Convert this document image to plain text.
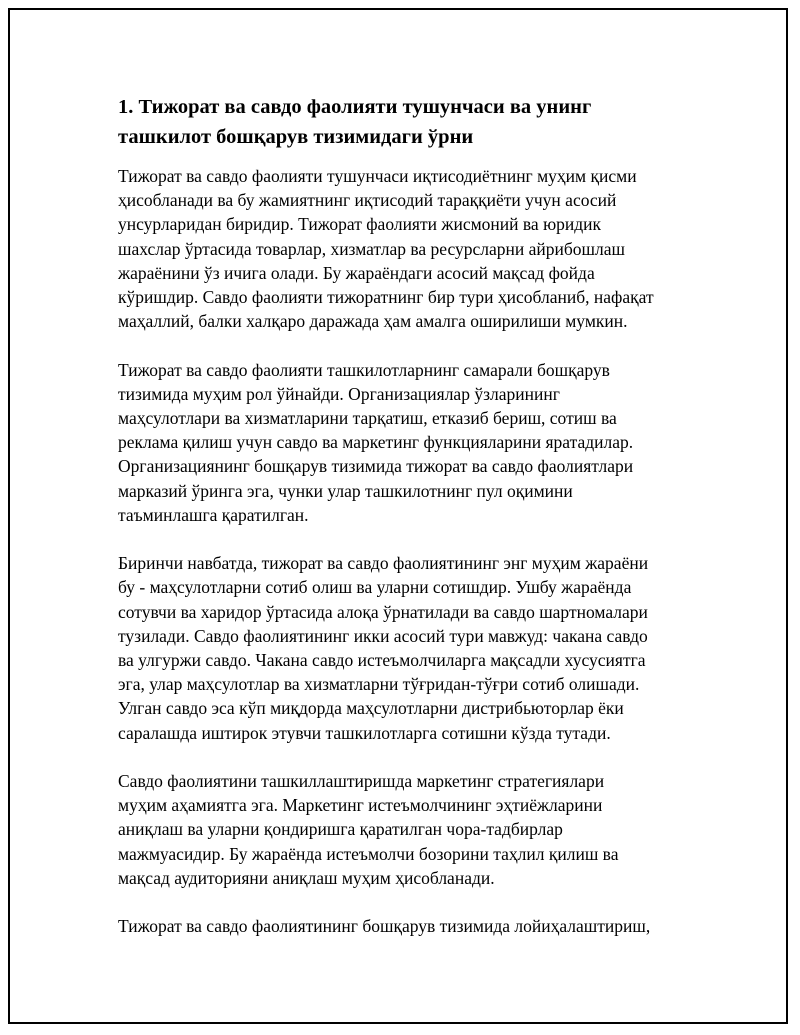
1. Тижорат ва савдо фаолияти тушунчаси ва унинг
ташкилот бошқарув тизимидаги ўрни

Тижорат ва савдо фаолияти тушунчаси иқтисодиётнинг муҳим қисми
ҳисобланади ва бу жамиятнинг иқтисодий тараққиёти учун асосий
унсурларидан биридир. Тижорат фаолияти жисмоний ва юридик
шахслар ўртасида товарлар, хизматлар ва ресурсларни айрибошлаш
жараёнини ўз ичига олади. Бу жараёндаги асосий мақсад фойда
кўришдир. Савдо фаолияти тижоратнинг бир тури ҳисобланиб, нафақат
маҳаллий, балки халқаро даражада ҳам амалга оширилиши мумкин.

Тижорат ва савдо фаолияти ташкилотларнинг самарали бошқарув
тизимида муҳим рол ўйнайди. Организациялар ўзларининг
маҳсулотлари ва хизматларини тарқатиш, етказиб бериш, сотиш ва
реклама қилиш учун савдо ва маркетинг функцияларини яратадилар.
Организациянинг бошқарув тизимида тижорат ва савдо фаолиятлари
марказий ўринга эга, чунки улар ташкилотнинг пул оқимини
таъминлашга қаратилган.

Биринчи навбатда, тижорат ва савдо фаолиятининг энг муҳим жараёни
бу - маҳсулотларни сотиб олиш ва уларни сотишдир. Ушбу жараёнда
сотувчи ва харидор ўртасида алоқа ўрнатилади ва савдо шартномалари
тузилади. Савдо фаолиятининг икки асосий тури мавжуд: чакана савдо
ва улгуржи савдо. Чакана савдо истеъмолчиларга мақсадли хусусиятга
эга, улар маҳсулотлар ва хизматларни тўғридан-тўғри сотиб олишади.
Улган савдо эса кўп миқдорда маҳсулотларни дистрибьюторлар ёки
саралашда иштирок этувчи ташкилотларга сотишни кўзда тутади.

Савдо фаолиятини ташкиллаштиришда маркетинг стратегиялари
муҳим аҳамиятга эга. Маркетинг истеъмолчининг эҳтиёжларини
аниқлаш ва уларни қондиришга қаратилган чора-тадбирлар
мажмуасидир. Бу жараёнда истеъмолчи бозорини таҳлил қилиш ва
мақсад аудиторияни аниқлаш муҳим ҳисобланади.

Тижорат ва савдо фаолиятининг бошқарув тизимида лойиҳалаштириш,
